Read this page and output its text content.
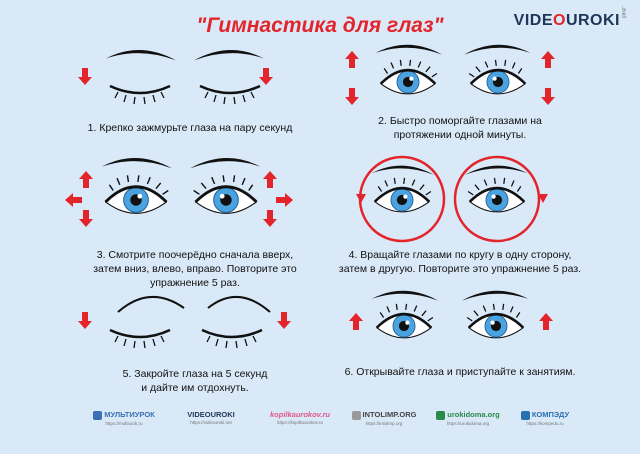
"Гимнастика для глаз"	$VIDEOUROKI^{.net}$
1. Крепко зажмурьте глаза на пару секунд
2. Быстро поморгайте глазами на
протяжении одной минуты.
3. Смотрите поочерёдно сначала вверх,
затем вниз, влево, вправо. Повторите это
упражнение 5 раз.
4. Вращайте глазами по кругу в одну сторону,
затем в другую. Повторите это упражнение 5 раз.
5. Закройте глаза на 5 секунд
и дайте им отдохнуть.
6. Открывайте глаза и приступайте к занятиям.
МУЛЬТИУРОК
https://multiurok.ru
VIDEOUROKI
https://videouroki.net
kopilkaurokov.ru
https://kopilkaurokov.ru
INTOLIMP.ORG
https://intolimp.org
urokidoma.org
https://urokidoma.org
КОМПЭДУ
https://kompedu.ru
